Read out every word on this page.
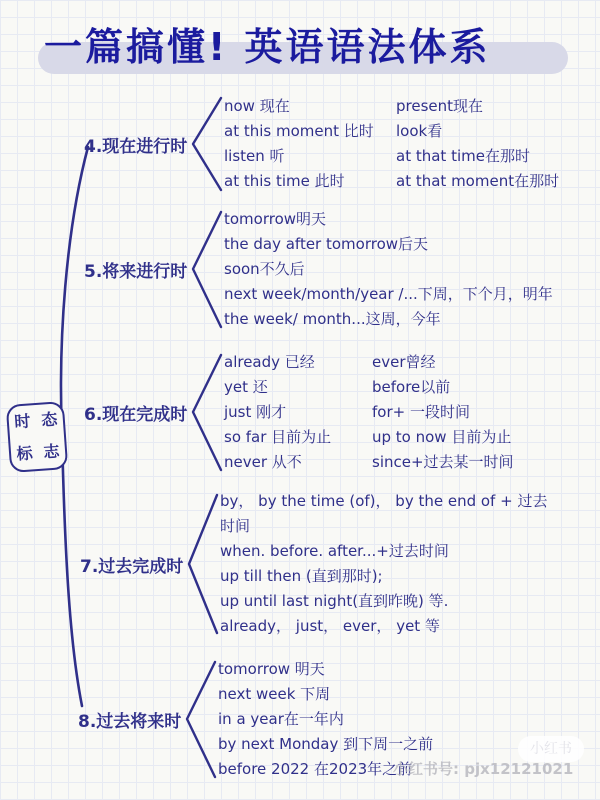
一篇搞懂! 英语语法体系
时 态
标 志
4.现在进行时
now 现在
at this moment 比时
listen 听
at this time 此时
present现在
look看
at that time在那时
at that moment在那时
5.将来进行时
tomorrow明天
the day after tomorrow后天
soon不久后
next week/month/year /...下周，下个月，明年
the week/ month...这周，今年
6.现在完成时
already 已经
yet 还
just 刚才
so far 目前为止
never 从不
ever曾经
before以前
for+ 一段时间
up to now 目前为止
since+过去某一时间
7.过去完成时
by， by the time (of)， by the end of + 过去
时间
when. before. after...+过去时间
up till then (直到那时);
up until last night(直到昨晚) 等.
already， just， ever， yet 等
8.过去将来时
tomorrow 明天
next week 下周
in a year在一年内
by next Monday 到下周一之前
before 2022 在2023年之前
小红书
小红书号: pjx12121021
